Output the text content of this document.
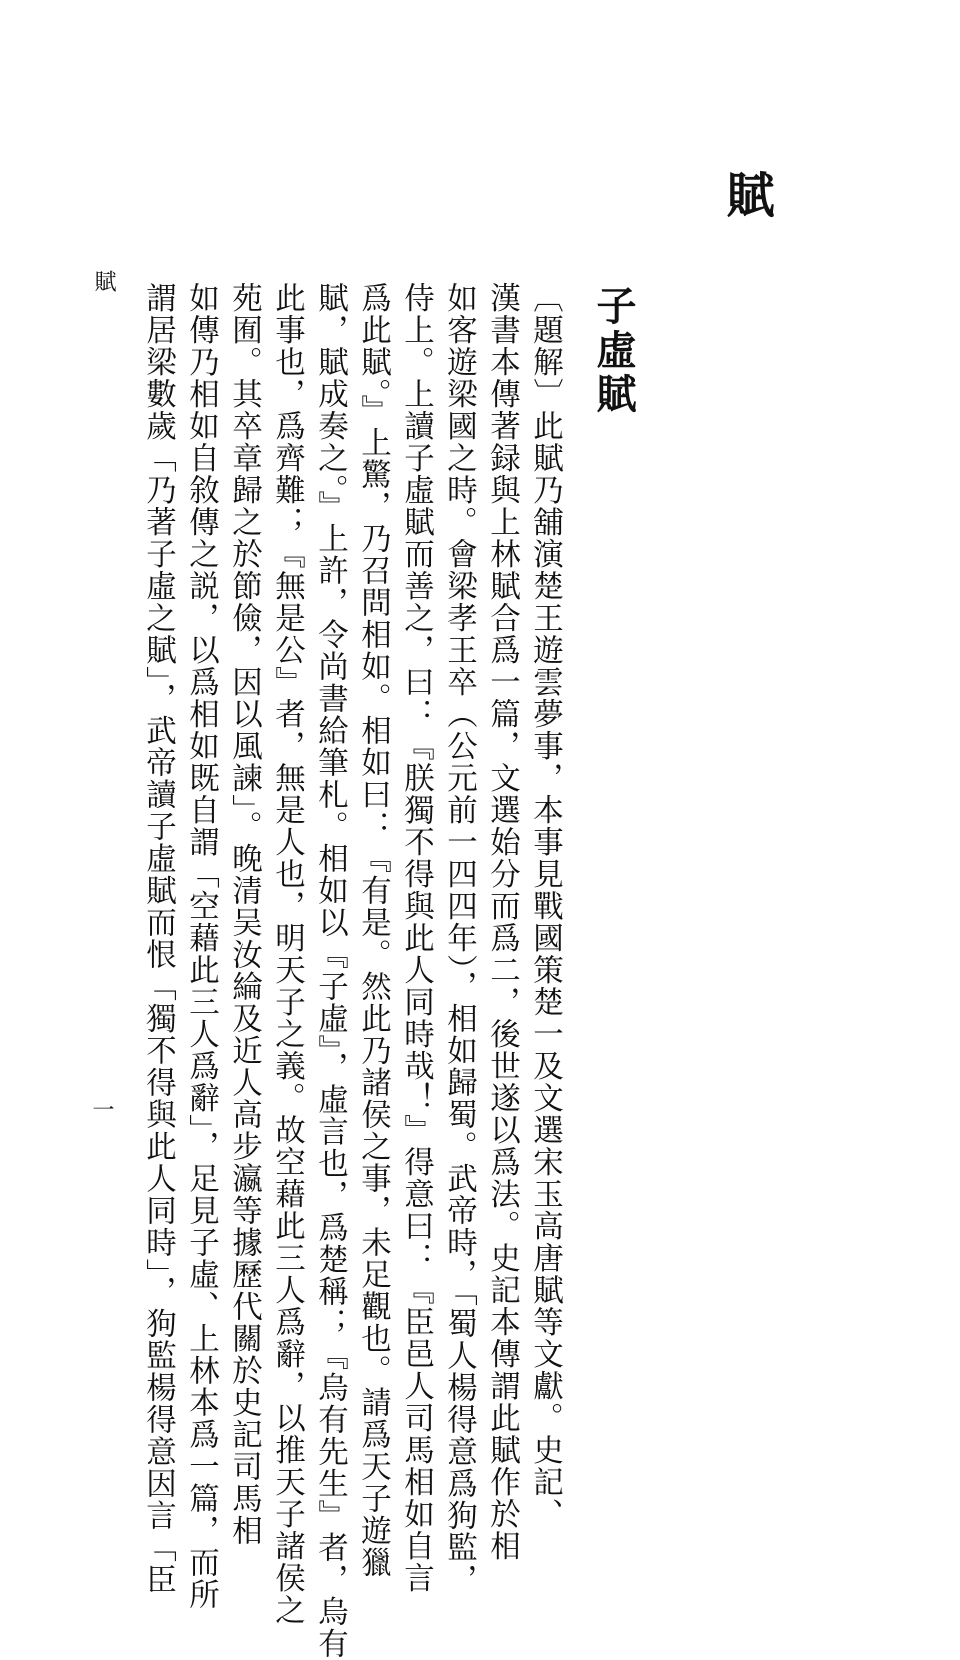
賦
子虛賦
〔題解〕此賦乃舖演楚王遊雲夢事，本事見戰國策楚一及文選宋玉高唐賦等文獻。史記、
漢書本傳著録與上林賦合爲一篇，文選始分而爲二，後世遂以爲法。史記本傳謂此賦作於相
如客遊梁國之時。會梁孝王卒（公元前一四四年），相如歸蜀。武帝時，「蜀人楊得意爲狗監，
侍上。上讀子虛賦而善之，曰：『朕獨不得與此人同時哉！』得意曰：『臣邑人司馬相如自言
爲此賦。』上驚，乃召問相如。相如曰：『有是。然此乃諸侯之事，未足觀也。請爲天子遊獵
賦，賦成奏之。』上許，令尚書給筆札。相如以『子虛』，虛言也，爲楚稱；『烏有先生』者，烏有
此事也，爲齊難；『無是公』者，無是人也，明天子之義。故空藉此三人爲辭，以推天子諸侯之
苑囿。其卒章歸之於節儉，因以風諫」。晚清吴汝綸及近人高步瀛等據歷代關於史記司馬相
如傳乃相如自敘傳之説，以爲相如既自謂「空藉此三人爲辭」，足見子虛、上林本爲一篇，而所
謂居梁數歲「乃著子虛之賦」，武帝讀子虛賦而恨「獨不得與此人同時」，狗監楊得意因言「臣
賦
一
